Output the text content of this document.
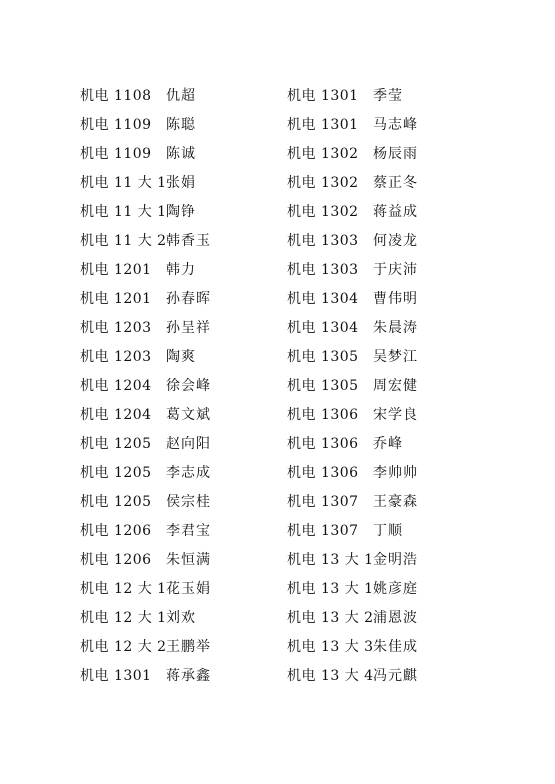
机电 1108 仇超
机电 1109 陈聪
机电 1109 陈诚
机电 11 大 1 张娟
机电 11 大 1 陶铮
机电 11 大 2 韩香玉
机电 1201 韩力
机电 1201 孙春晖
机电 1203 孙呈祥
机电 1203 陶爽
机电 1204 徐会峰
机电 1204 葛文斌
机电 1205 赵向阳
机电 1205 李志成
机电 1205 侯宗桂
机电 1206 李君宝
机电 1206 朱恒满
机电 12 大 1 花玉娟
机电 12 大 1 刘欢
机电 12 大 2 王鹏举
机电 1301 蒋承鑫
机电 1301 季莹
机电 1301 马志峰
机电 1302 杨辰雨
机电 1302 蔡正冬
机电 1302 蒋益成
机电 1303 何凌龙
机电 1303 于庆沛
机电 1304 曹伟明
机电 1304 朱晨涛
机电 1305 吴梦江
机电 1305 周宏健
机电 1306 宋学良
机电 1306 乔峰
机电 1306 李帅帅
机电 1307 王豪森
机电 1307 丁顺
机电 13 大 1 金明浩
机电 13 大 1 姚彦庭
机电 13 大 2 浦恩波
机电 13 大 3 朱佳成
机电 13 大 4 冯元麒
